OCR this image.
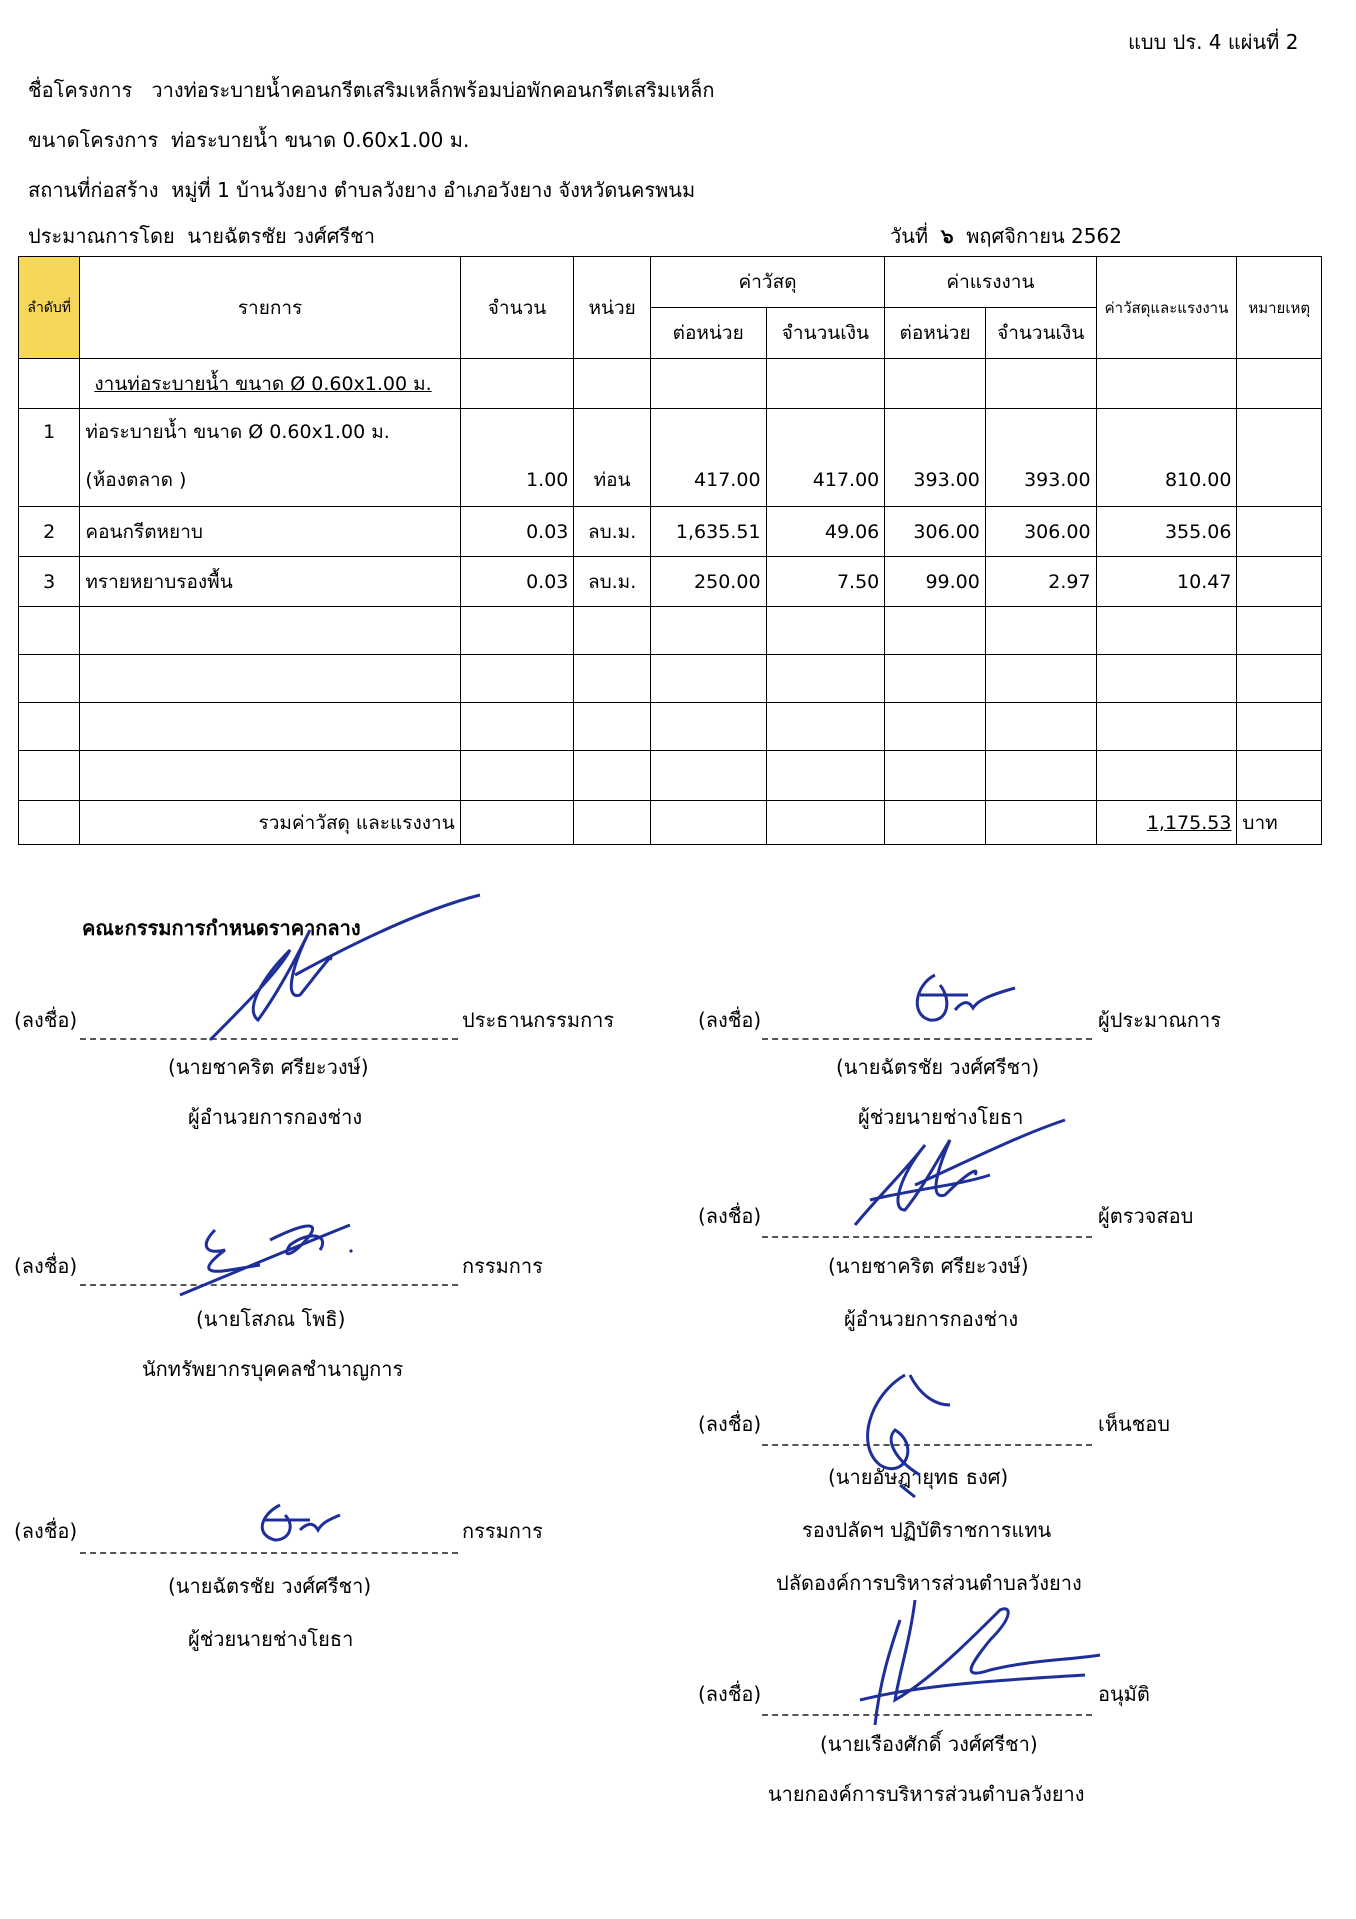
แบบ ปร. 4 แผ่นที่ 2
ชื่อโครงการ วางท่อระบายน้ำคอนกรีตเสริมเหล็กพร้อมบ่อพักคอนกรีตเสริมเหล็ก
ขนาดโครงการ ท่อระบายน้ำ ขนาด 0.60x1.00 ม.
สถานที่ก่อสร้าง หมู่ที่ 1 บ้านวังยาง ตำบลวังยาง อำเภอวังยาง จังหวัดนครพนม
ประมาณการโดย นายฉัตรชัย วงศ์ศรีชา	วันที่ ๖ พฤศจิกายน 2562
ลำดับที่	รายการ	จำนวน	หน่วย	ค่าวัสดุ		ค่าแรงงาน		ค่าวัสดุและแรงงาน	หมายเหตุ
				ต่อหน่วย	จำนวนเงิน	ต่อหน่วย	จำนวนเงิน		
	งานท่อระบายน้ำ ขนาด Ø 0.60x1.00 ม.								
1	ท่อระบายน้ำ ขนาด Ø 0.60x1.00 ม.								
	(ห้องตลาด )	1.00	ท่อน	417.00	417.00	393.00	393.00	810.00	
2	คอนกรีตหยาบ	0.03	ลบ.ม.	1,635.51	49.06	306.00	306.00	355.06	
3	ทรายหยาบรองพื้น	0.03	ลบ.ม.	250.00	7.50	99.00	2.97	10.47	

	รวมค่าวัสดุ และแรงงาน							1,175.53	บาท
คณะกรรมการกำหนดราคากลาง
(ลงชื่อ)	ประธานกรรมการ
(นายชาคริต ศรียะวงษ์)
ผู้อำนวยการกองช่าง
(ลงชื่อ)	กรรมการ
(นายโสภณ โพธิ)
นักทรัพยากรบุคคลชำนาญการ
(ลงชื่อ)	กรรมการ
(นายฉัตรชัย วงศ์ศรีชา)
ผู้ช่วยนายช่างโยธา
(ลงชื่อ)	ผู้ประมาณการ
(นายฉัตรชัย วงศ์ศรีชา)
ผู้ช่วยนายช่างโยธา
(ลงชื่อ)	ผู้ตรวจสอบ
(นายชาคริต ศรียะวงษ์)
ผู้อำนวยการกองช่าง
(ลงชื่อ)	เห็นชอบ
(นายอัษฎายุทธ ธงศ)
รองปลัดฯ ปฏิบัติราชการแทน
ปลัดองค์การบริหารส่วนตำบลวังยาง
(ลงชื่อ)	อนุมัติ
(นายเรืองศักดิ์ วงศ์ศรีชา)
นายกองค์การบริหารส่วนตำบลวังยาง
